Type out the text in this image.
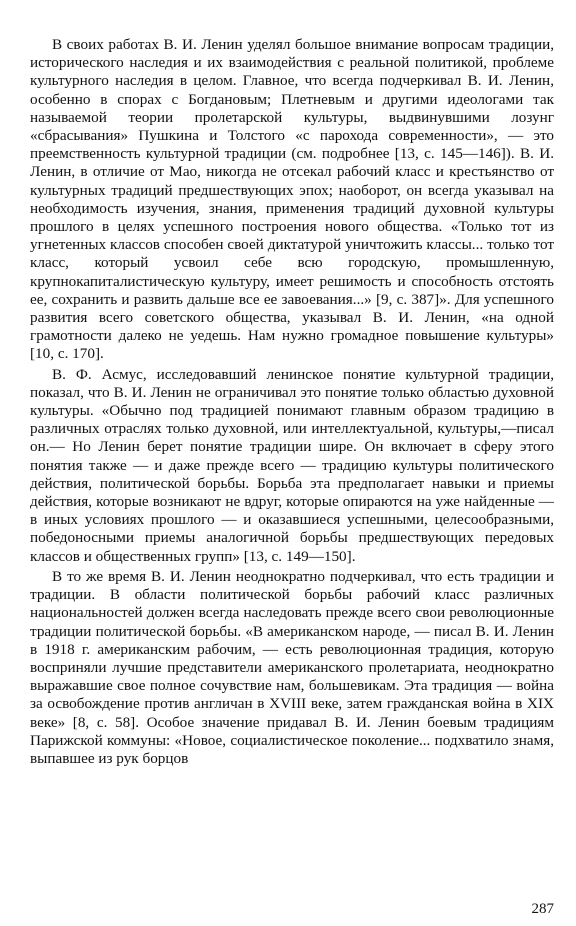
В своих работах В. И. Ленин уделял большое внимание вопросам традиции, исторического наследия и их взаимодействия с реальной политикой, проблеме культурного наследия в целом. Главное, что всегда подчеркивал В. И. Ленин, особенно в спорах с Богдановым; Плетневым и другими идеологами так называемой теории пролетарской культуры, выдвинувшими лозунг «сбрасывания» Пушкина и Толстого «с парохода современности», — это преемственность культурной традиции (см. подробнее [13, с. 145—146]). В. И. Ленин, в отличие от Мао, никогда не отсекал рабочий класс и крестьянство от культурных традиций предшествующих эпох; наоборот, он всегда указывал на необходимость изучения, знания, применения традиций духовной культуры прошлого в целях успешного построения нового общества. «Только тот из угнетенных классов способен своей диктатурой уничтожить классы... только тот класс, который усвоил себе всю городскую, промышленную, крупнокапиталистическую культуру, имеет решимость и способность отстоять ее, сохранить и развить дальше все ее завоевания...» [9, с. 387]». Для успешного развития всего советского общества, указывал В. И. Ленин, «на одной грамотности далеко не уедешь. Нам нужно громадное повышение культуры» [10, с. 170].

В. Ф. Асмус, исследовавший ленинское понятие культурной традиции, показал, что В. И. Ленин не ограничивал это понятие только областью духовной культуры. «Обычно под традицией понимают главным образом традицию в различных отраслях только духовной, или интеллектуальной, культуры,—писал он.— Но Ленин берет понятие традиции шире. Он включает в сферу этого понятия также — и даже прежде всего — традицию культуры политического действия, политической борьбы. Борьба эта предполагает навыки и приемы действия, которые возникают не вдруг, которые опираются на уже найденные — в иных условиях прошлого — и оказавшиеся успешными, целесообразными, победоносными приемы аналогичной борьбы предшествующих передовых классов и общественных групп» [13, с. 149—150].

В то же время В. И. Ленин неоднократно подчеркивал, что есть традиции и традиции. В области политической борьбы рабочий класс различных национальностей должен всегда наследовать прежде всего свои революционные традиции политической борьбы. «В американском народе, — писал В. И. Ленин в 1918 г. американским рабочим, — есть революционная традиция, которую восприняли лучшие представители американского пролетариата, неоднократно выражавшие свое полное сочувствие нам, большевикам. Эта традиция — война за освобождение против англичан в XVIII веке, затем гражданская война в XIX веке» [8, с. 58]. Особое значение придавал В. И. Ленин боевым традициям Парижской коммуны: «Новое, социалистическое поколение... подхватило знамя, выпавшее из рук борцов

287
